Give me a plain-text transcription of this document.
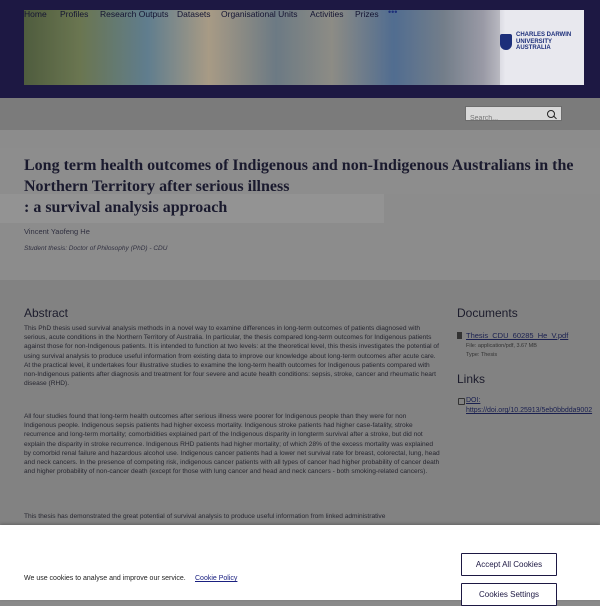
CHARLES DARWIN UNIVERSITY AUSTRALIA
Home Profiles Research Outputs Datasets Organisational Units Activities Prizes •••
Search...
Long term health outcomes of Indigenous and non-Indigenous Australians in the Northern Territory after serious illness
: a survival analysis approach
Vincent Yaofeng He
Student thesis: Doctor of Philosophy (PhD) - CDU
Abstract

This PhD thesis used survival analysis methods in a novel way to examine differences in long-term outcomes of patients diagnosed with serious, acute conditions in the Northern Territory of Australia. In particular, the thesis compared long-term outcomes for Indigenous patients against those for non-Indigenous patients. It is intended to function at two levels: at the theoretical level, this thesis investigates the potential of using survival analysis to produce useful information from existing data to improve our knowledge about long-term outcomes after acute care. At the practical level, it undertakes four illustrative studies to examine the long-term health outcomes for Indigenous patients compared with non-Indigenous patients after diagnosis and treatment for four severe and acute health conditions: sepsis, stroke, cancer and rheumatic heart disease (RHD).

All four studies found that long-term health outcomes after serious illness were poorer for Indigenous people than they were for non Indigenous people. Indigenous sepsis patients had higher excess mortality. Indigenous stroke patients had higher case-fatality, stroke recurrence and long-term mortality; comorbidities explained part of the Indigenous disparity in longterm survival after a stroke, but did not explain the disparity in stroke recurrence. Indigenous RHD patients had higher mortality; of which 28% of the excess mortality was explained by comorbid renal failure and hazardous alcohol use. Indigenous cancer patients had a lower net survival rate for breast, colorectal, lung, head and neck cancers. In the presence of competing risk, indigenous cancer patients with all types of cancer had higher probability of cancer death and higher probability of non-cancer death (except for those with lung cancer and head and neck cancers - both smoking-related cancers).

This thesis has demonstrated the great potential of survival analysis to produce useful information from linked administrative

Documents
Thesis_CDU_60285_He_V.pdf
File: application/pdf, 3.67 MB
Type: Thesis
Links
DOI:
https://doi.org/10.25913/5eb0bbdda9002
We use cookies to analyse and improve our service. Cookie Policy
Accept All Cookies
Cookies Settings
